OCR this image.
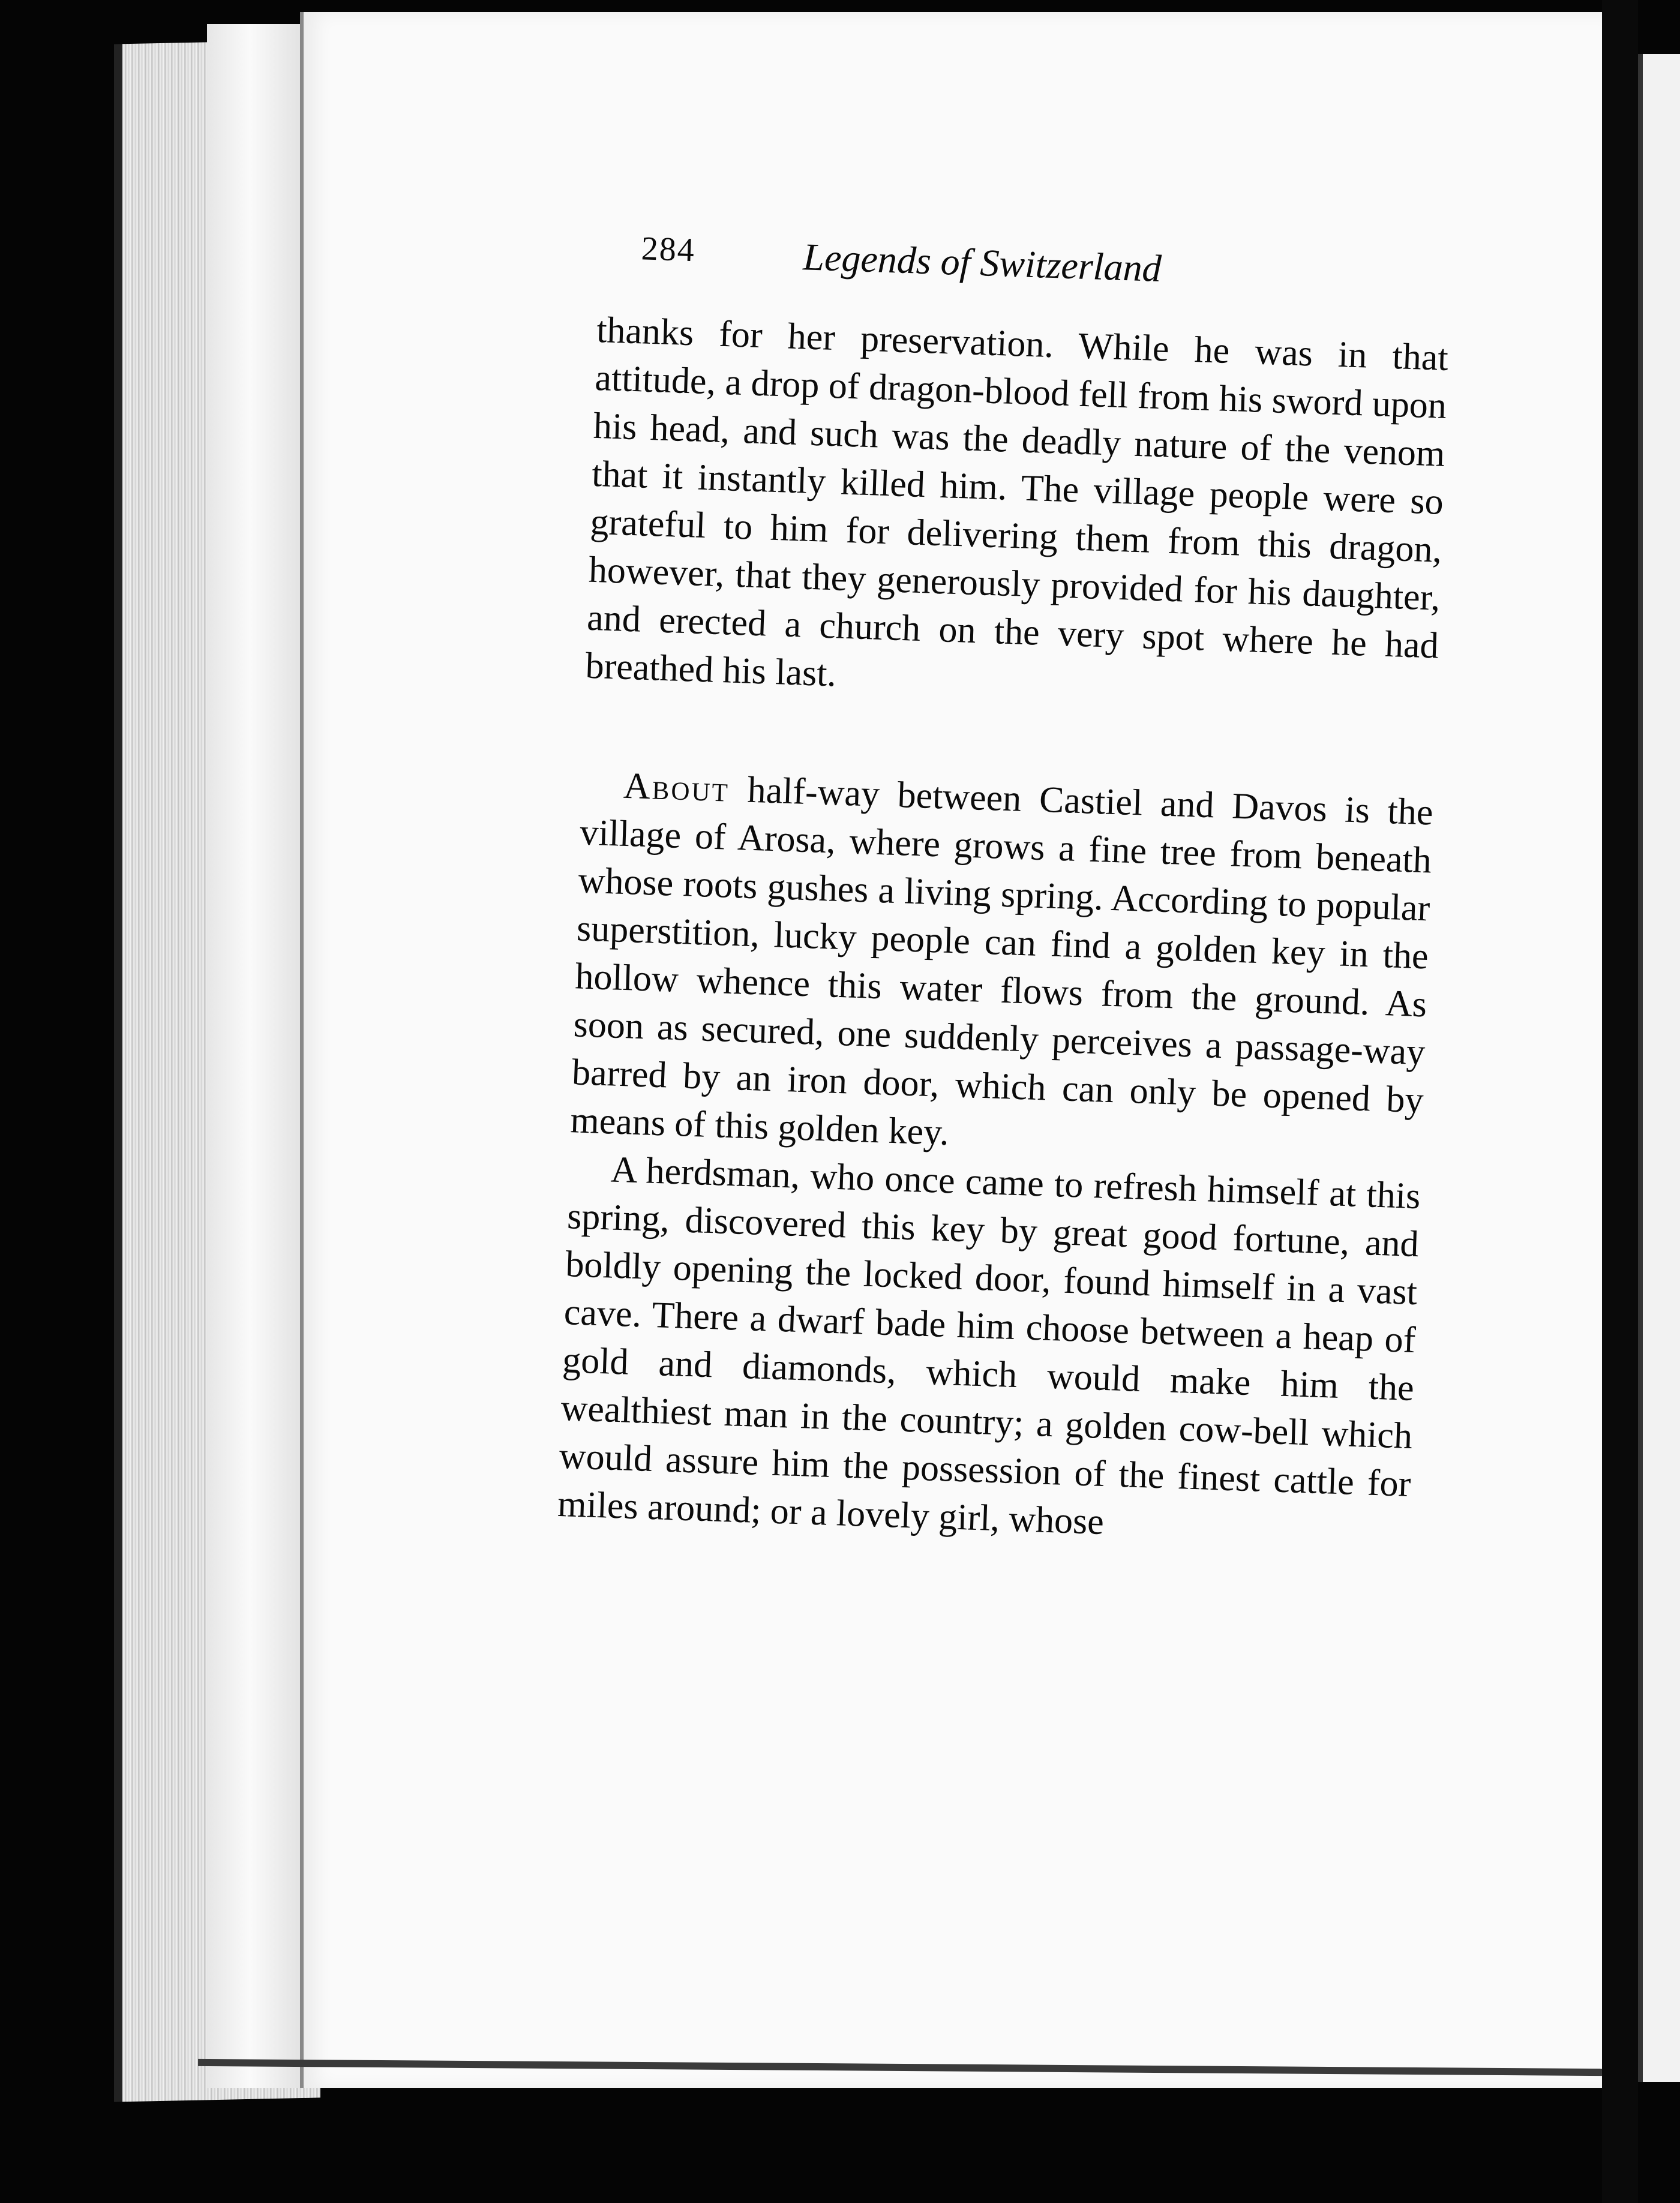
284	Legends of Switzerland

thanks for her preservation. While he was in that attitude, a drop of dragon-blood fell from his sword upon his head, and such was the deadly nature of the venom that it instantly killed him. The village people were so grateful to him for delivering them from this dragon, however, that they generously provided for his daughter, and erected a church on the very spot where he had breathed his last.

About half-way between Castiel and Davos is the village of Arosa, where grows a fine tree from beneath whose roots gushes a living spring. According to popular superstition, lucky people can find a golden key in the hollow whence this water flows from the ground. As soon as secured, one suddenly perceives a passage-way barred by an iron door, which can only be opened by means of this golden key.

A herdsman, who once came to refresh himself at this spring, discovered this key by great good fortune, and boldly opening the locked door, found himself in a vast cave. There a dwarf bade him choose between a heap of gold and diamonds, which would make him the wealthiest man in the country; a golden cow-bell which would assure him the possession of the finest cattle for miles around; or a lovely girl, whose
